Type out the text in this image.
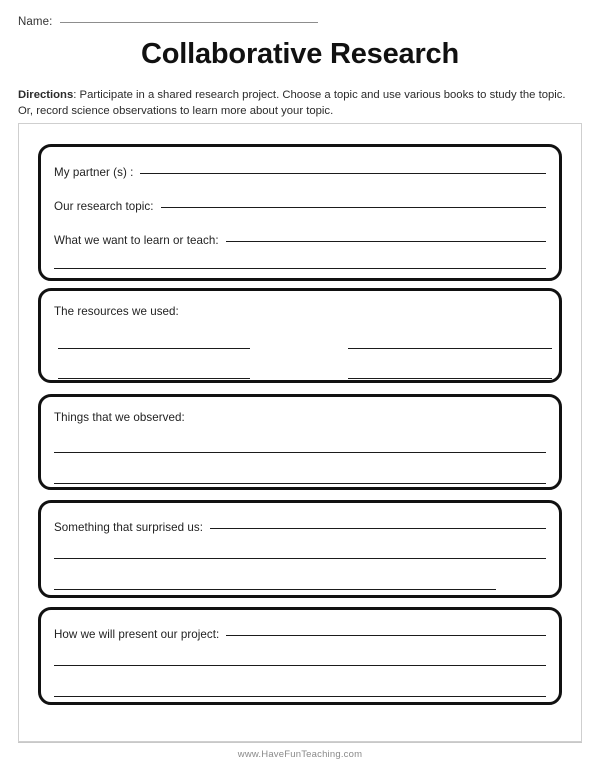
Name:
Collaborative Research
Directions: Participate in a shared research project. Choose a topic and use various books to study the topic. Or, record science observations to learn more about your topic.
My partner (s) :
Our research topic:
What we want to learn or teach:
The resources we used:
Things that we observed:
Something that surprised us:
How we will present our project:
www.HaveFunTeaching.com
